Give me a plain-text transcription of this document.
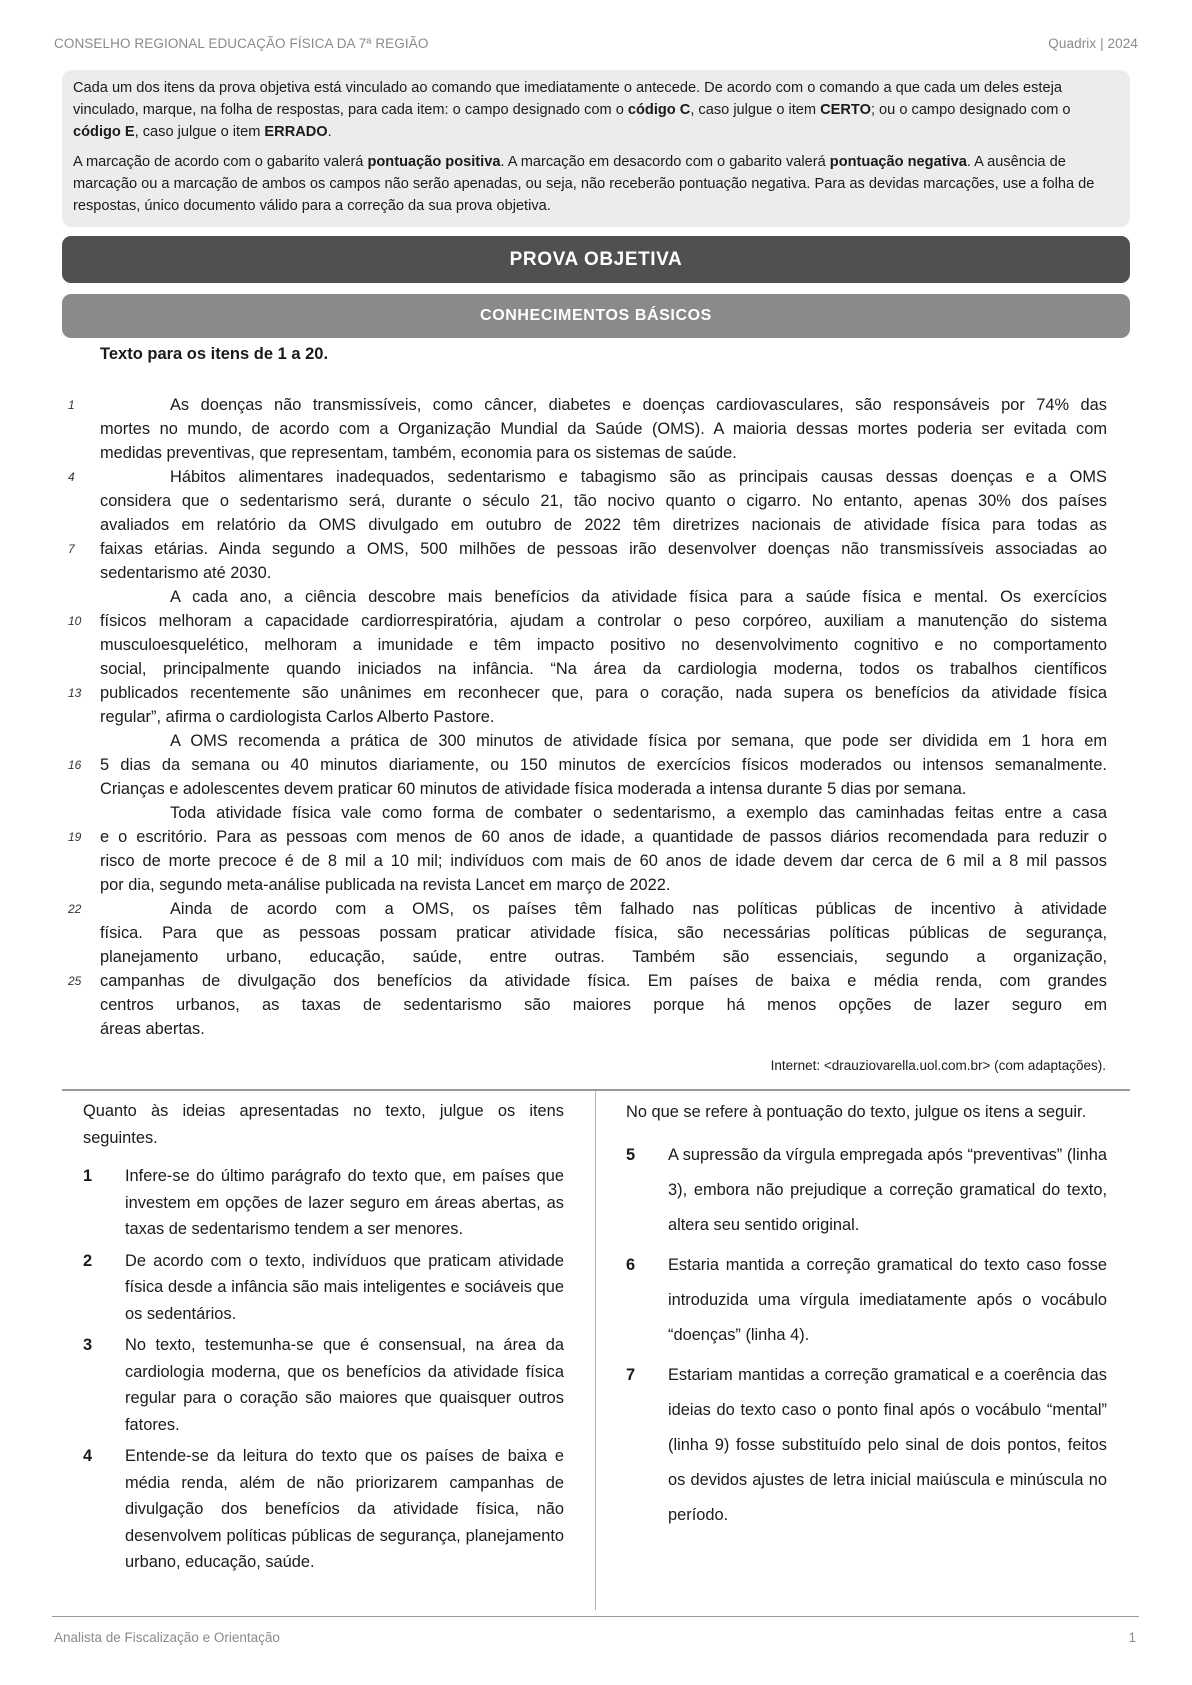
CONSELHO REGIONAL EDUCAÇÃO FÍSICA DA 7ª REGIÃO	Quadrix | 2024

Cada um dos itens da prova objetiva está vinculado ao comando que imediatamente o antecede. De acordo com o comando a que cada um deles esteja vinculado, marque, na folha de respostas, para cada item: o campo designado com o código C, caso julgue o item CERTO; ou o campo designado com o código E, caso julgue o item ERRADO.

A marcação de acordo com o gabarito valerá pontuação positiva. A marcação em desacordo com o gabarito valerá pontuação negativa. A ausência de marcação ou a marcação de ambos os campos não serão apenadas, ou seja, não receberão pontuação negativa. Para as devidas marcações, use a folha de respostas, único documento válido para a correção da sua prova objetiva.

PROVA OBJETIVA
CONHECIMENTOS BÁSICOS
Texto para os itens de 1 a 20.
1	As doenças não transmissíveis, como câncer, diabetes e doenças cardiovasculares, são responsáveis por 74% das
mortes no mundo, de acordo com a Organização Mundial da Saúde (OMS). A maioria dessas mortes poderia ser evitada com
medidas preventivas, que representam, também, economia para os sistemas de saúde.
4	Hábitos alimentares inadequados, sedentarismo e tabagismo são as principais causas dessas doenças e a OMS
considera que o sedentarismo será, durante o século 21, tão nocivo quanto o cigarro. No entanto, apenas 30% dos países
avaliados em relatório da OMS divulgado em outubro de 2022 têm diretrizes nacionais de atividade física para todas as
7	faixas etárias. Ainda segundo a OMS, 500 milhões de pessoas irão desenvolver doenças não transmissíveis associadas ao
sedentarismo até 2030.
A cada ano, a ciência descobre mais benefícios da atividade física para a saúde física e mental. Os exercícios
10	físicos melhoram a capacidade cardiorrespiratória, ajudam a controlar o peso corpóreo, auxiliam a manutenção do sistema
musculoesquelético, melhoram a imunidade e têm impacto positivo no desenvolvimento cognitivo e no comportamento
social, principalmente quando iniciados na infância. “Na área da cardiologia moderna, todos os trabalhos científicos
13	publicados recentemente são unânimes em reconhecer que, para o coração, nada supera os benefícios da atividade física
regular”, afirma o cardiologista Carlos Alberto Pastore.
A OMS recomenda a prática de 300 minutos de atividade física por semana, que pode ser dividida em 1 hora em
16	5 dias da semana ou 40 minutos diariamente, ou 150 minutos de exercícios físicos moderados ou intensos semanalmente.
Crianças e adolescentes devem praticar 60 minutos de atividade física moderada a intensa durante 5 dias por semana.
Toda atividade física vale como forma de combater o sedentarismo, a exemplo das caminhadas feitas entre a casa
19	e o escritório. Para as pessoas com menos de 60 anos de idade, a quantidade de passos diários recomendada para reduzir o
risco de morte precoce é de 8 mil a 10 mil; indivíduos com mais de 60 anos de idade devem dar cerca de 6 mil a 8 mil passos
por dia, segundo meta-análise publicada na revista Lancet em março de 2022.
22	Ainda de acordo com a OMS, os países têm falhado nas políticas públicas de incentivo à atividade
física. Para que as pessoas possam praticar atividade física, são necessárias políticas públicas de segurança,
planejamento urbano, educação, saúde, entre outras. Também são essenciais, segundo a organização,
25	campanhas de divulgação dos benefícios da atividade física. Em países de baixa e média renda, com grandes
centros urbanos, as taxas de sedentarismo são maiores porque há menos opções de lazer seguro em
áreas abertas.
Internet: <drauziovarella.uol.com.br> (com adaptações).

Quanto às ideias apresentadas no texto, julgue os itens seguintes.

1 Infere-se do último parágrafo do texto que, em países que investem em opções de lazer seguro em áreas abertas, as taxas de sedentarismo tendem a ser menores.
2 De acordo com o texto, indivíduos que praticam atividade física desde a infância são mais inteligentes e sociáveis que os sedentários.
3 No texto, testemunha-se que é consensual, na área da cardiologia moderna, que os benefícios da atividade física regular para o coração são maiores que quaisquer outros fatores.
4 Entende-se da leitura do texto que os países de baixa e média renda, além de não priorizarem campanhas de divulgação dos benefícios da atividade física, não desenvolvem políticas públicas de segurança, planejamento urbano, educação, saúde.

No que se refere à pontuação do texto, julgue os itens a seguir.

5 A supressão da vírgula empregada após “preventivas” (linha 3), embora não prejudique a correção gramatical do texto, altera seu sentido original.
6 Estaria mantida a correção gramatical do texto caso fosse introduzida uma vírgula imediatamente após o vocábulo “doenças” (linha 4).
7 Estariam mantidas a correção gramatical e a coerência das ideias do texto caso o ponto final após o vocábulo “mental” (linha 9) fosse substituído pelo sinal de dois pontos, feitos os devidos ajustes de letra inicial maiúscula e minúscula no período.
Analista de Fiscalização e Orientação	1
